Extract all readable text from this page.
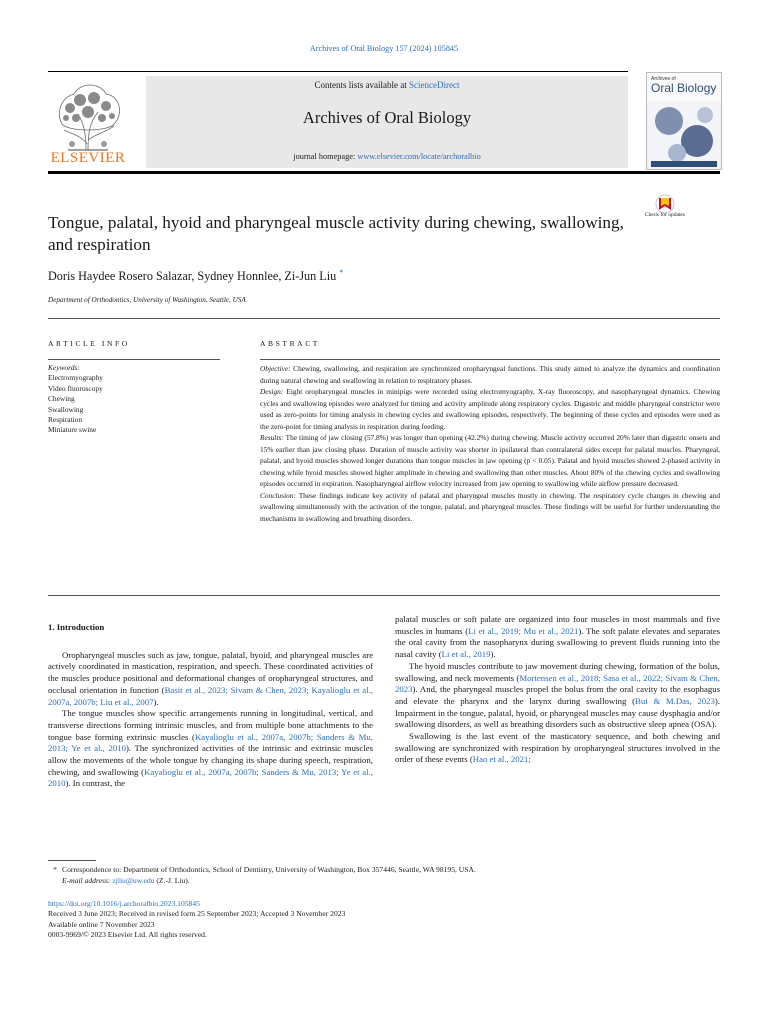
Archives of Oral Biology 157 (2024) 105845
ELSEVIER
Contents lists available at ScienceDirect
Archives of Oral Biology
journal homepage: www.elsevier.com/locate/archoralbio
Archives of
Oral Biology
Check for updates
Tongue, palatal, hyoid and pharyngeal muscle activity during chewing, swallowing, and respiration
Doris Haydee Rosero Salazar, Sydney Honnlee, Zi-Jun Liu *
Department of Orthodontics, University of Washington, Seattle, USA
ARTICLE INFO	ABSTRACT
Keywords:
Electromyography
Video fluoroscopy
Chewing
Swallowing
Respiration
Miniature swine
Objective: Chewing, swallowing, and respiration are synchronized oropharyngeal functions. This study aimed to analyze the dynamics and coordination during natural chewing and swallowing in relation to respiratory phases.
Design: Eight oropharyngeal muscles in minipigs were recorded using electromyography, X-ray fluoroscopy, and nasopharyngeal dynamics. Chewing cycles and swallowing episodes were analyzed for timing and activity amplitude along respiratory cycles. Digastric and middle pharyngeal constrictor were used as zero-points for timing analysis in chewing cycles and swallowing episodes, respectively. The beginning of these cycles and episodes were used as the zero-point for timing analysis in respiration during feeding.
Results: The timing of jaw closing (57.8%) was longer than opening (42.2%) during chewing. Muscle activity occurred 20% later than digastric onsets and 15% earlier than jaw closing phase. Duration of muscle activity was shorter in ipsilateral than contralateral sides except for palatal muscles. Pharyngeal, palatal, and hyoid muscles showed longer durations than tongue muscles in jaw opening (p < 0.05). Palatal and hyoid muscles showed 2-phased activity in chewing while hyoid muscles showed higher amplitude in chewing and swallowing than other muscles. About 80% of the chewing cycles and swallowing episodes occurred in expiration. Nasopharyngeal airflow velocity increased from jaw opening to swallowing while airflow pressure decreased.
Conclusion: These findings indicate key activity of palatal and pharyngeal muscles mostly in chewing. The respiratory cycle changes in chewing and swallowing simultaneously with the activation of the tongue, palatal, and pharyngeal muscles. These findings will be useful for further understanding the mechanisms in swallowing and breathing disorders.
1. Introduction

Oropharyngeal muscles such as jaw, tongue, palatal, hyoid, and pharyngeal muscles are actively coordinated in mastication, respiration, and speech. These coordinated activities of the muscles produce positional and deformational changes of oropharyngeal structures, and occlusal orientation in function (Basit et al., 2023; Sivam & Chen, 2023; Kayalioglu et al., 2007a, 2007b; Liu et al., 2007).

The tongue muscles show specific arrangements running in longitudinal, vertical, and transverse directions forming intrinsic muscles, and from multiple bone attachments to the tongue base forming extrinsic muscles (Kayalioglu et al., 2007a, 2007b; Sanders & Mu, 2013; Ye et al., 2010). The synchronized activities of the intrinsic and extrinsic muscles allow the movements of the whole tongue by changing its shape during speech, respiration, chewing, and swallowing (Kayalioglu et al., 2007a, 2007b; Sanders & Mu, 2013; Ye et al., 2010). In contrast, the

palatal muscles or soft palate are organized into four muscles in most mammals and five muscles in humans (Li et al., 2019; Mu et al., 2021). The soft palate elevates and separates the oral cavity from the nasopharynx during swallowing to prevent fluids running into the nasal cavity (Li et al., 2019).

The hyoid muscles contribute to jaw movement during chewing, formation of the bolus, swallowing, and neck movements (Mortensen et al., 2018; Sasa et al., 2022; Sivam & Chen, 2023). And, the pharyngeal muscles propel the bolus from the oral cavity to the esophagus and elevate the pharynx and the larynx during swallowing (Bui & M.Das, 2023). Impairment in the tongue, palatal, hyoid, or pharyngeal muscles may cause dysphagia and/or swallowing disorders, as well as breathing disorders such as obstructive sleep apnea (OSA).

Swallowing is the last event of the masticatory sequence, and both chewing and swallowing are synchronized with respiration by oropharyngeal structures involved in the order of these events (Hao et al., 2021;

* Correspondence to: Department of Orthodontics, School of Dentistry, University of Washington, Box 357446, Seattle, WA 98195, USA.
E-mail address: zjliu@uw.edu (Z.-J. Liu).
https://doi.org/10.1016/j.archoralbio.2023.105845
Received 3 June 2023; Received in revised form 25 September 2023; Accepted 3 November 2023
Available online 7 November 2023
0003-9969/© 2023 Elsevier Ltd. All rights reserved.
